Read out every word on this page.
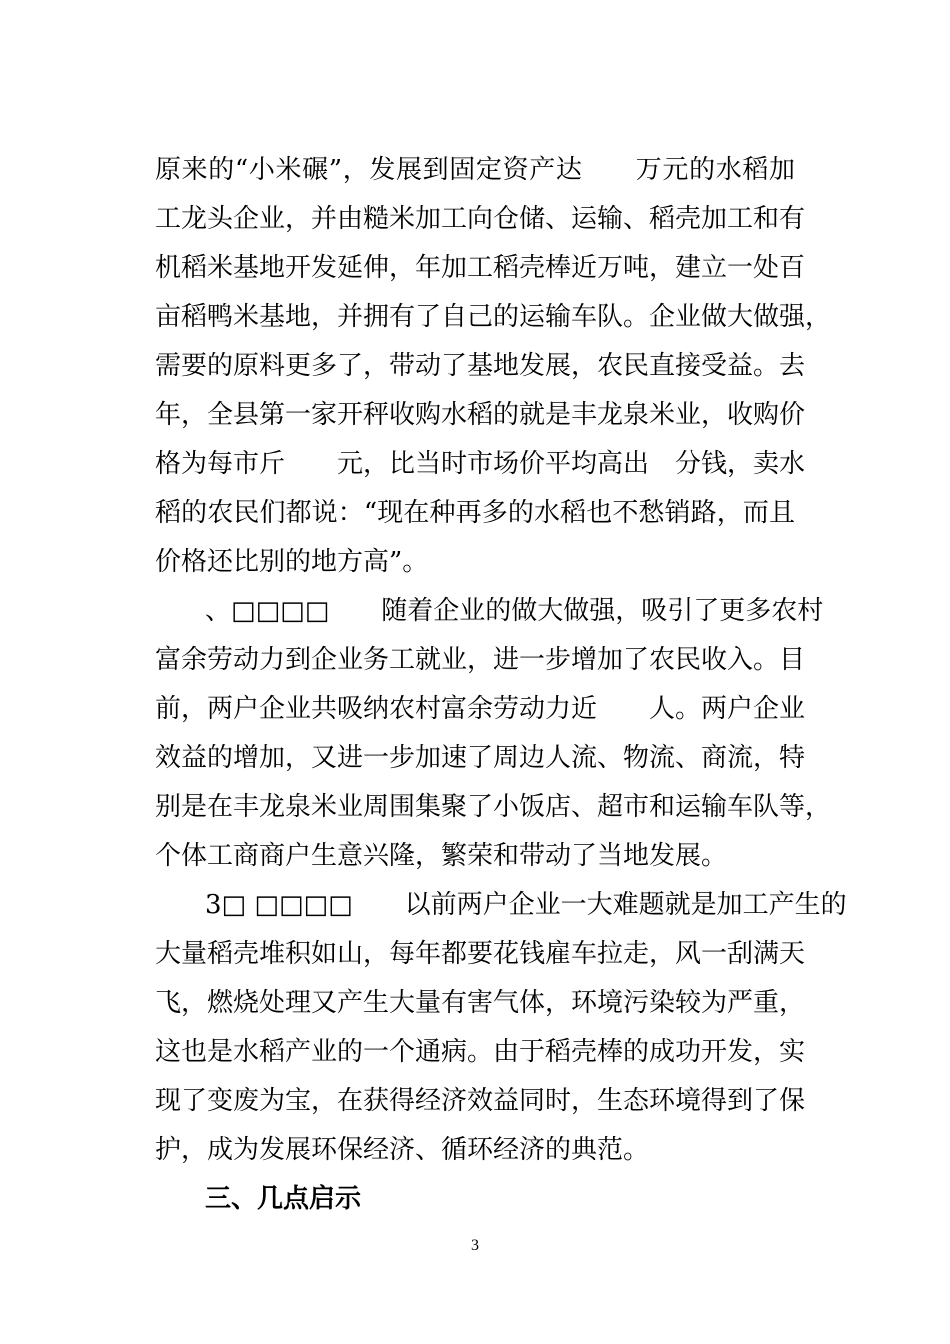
原来的“小米碾”，发展到固定资产达　　万元的水稻加
工龙头企业，并由糙米加工向仓储、运输、稻壳加工和有
机稻米基地开发延伸，年加工稻壳棒近万吨，建立一处百
亩稻鸭米基地，并拥有了自己的运输车队。企业做大做强，
需要的原料更多了，带动了基地发展，农民直接受益。去
年，全县第一家开秤收购水稻的就是丰龙泉米业，收购价
格为每市斤　　元，比当时市场价平均高出　分钱，卖水
稻的农民们都说：“现在种再多的水稻也不愁销路，而且
价格还比别的地方高”。
、□□□□　　随着企业的做大做强，吸引了更多农村
富余劳动力到企业务工就业，进一步增加了农民收入。目
前，两户企业共吸纳农村富余劳动力近　　人。两户企业
效益的增加，又进一步加速了周边人流、物流、商流，特
别是在丰龙泉米业周围集聚了小饭店、超市和运输车队等，
个体工商商户生意兴隆，繁荣和带动了当地发展。
3□ □□□□　　以前两户企业一大难题就是加工产生的
大量稻壳堆积如山，每年都要花钱雇车拉走，风一刮满天
飞，燃烧处理又产生大量有害气体，环境污染较为严重，
这也是水稻产业的一个通病。由于稻壳棒的成功开发，实
现了变废为宝，在获得经济效益同时，生态环境得到了保
护，成为发展环保经济、循环经济的典范。
三、几点启示
3
